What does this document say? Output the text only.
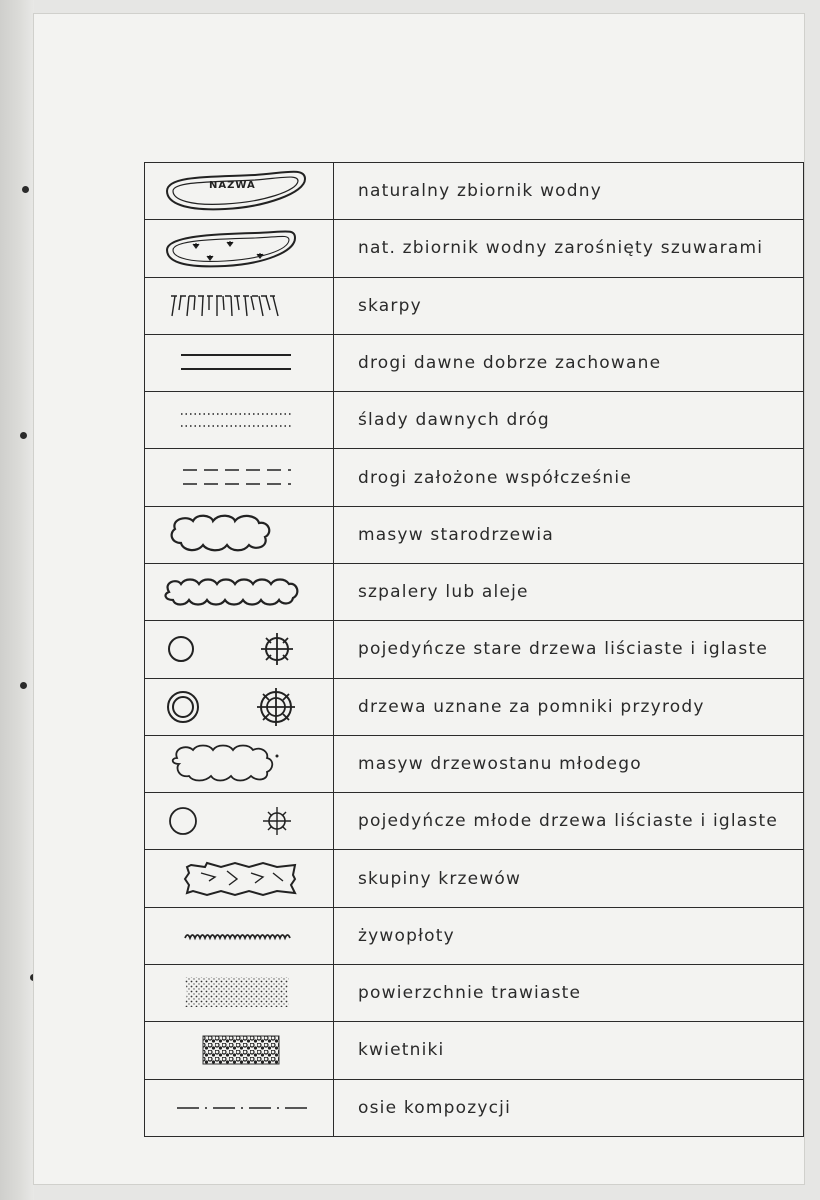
NAZWA	naturalny zbiornik wodny

	nat. zbiornik wodny zarośnięty szuwarami

	skarpy

	drogi dawne dobrze zachowane

	ślady dawnych dróg

	drogi założone współcześnie

	masyw starodrzewia

	szpalery lub aleje

	pojedyńcze stare drzewa liściaste i iglaste

	drzewa uznane za pomniki przyrody

	masyw drzewostanu młodego

	pojedyńcze młode drzewa liściaste i iglaste

	skupiny krzewów

	żywopłoty

	powierzchnie trawiaste

	kwietniki

	osie kompozycji
